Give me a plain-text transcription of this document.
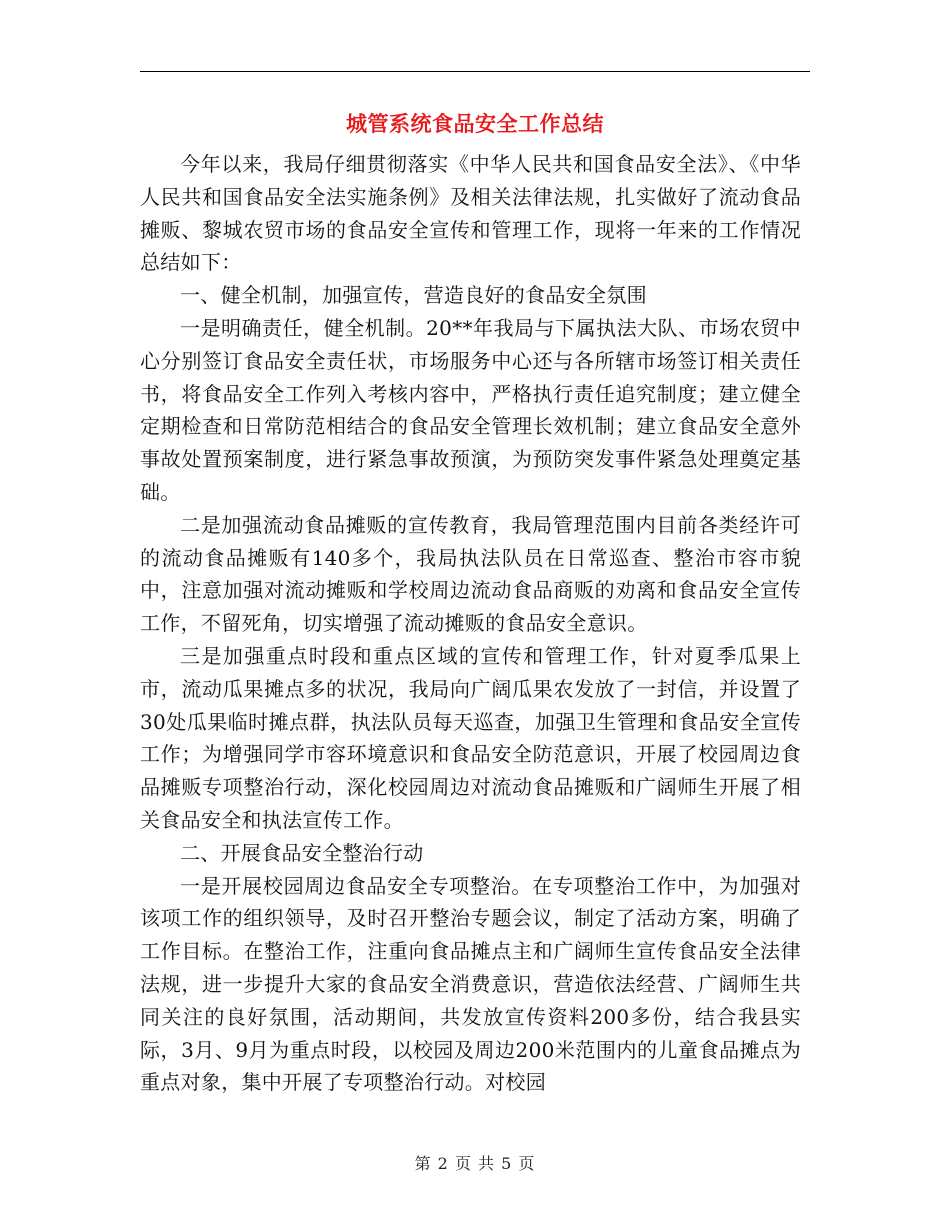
城管系统食品安全工作总结

今年以来，我局仔细贯彻落实《中华人民共和国食品安全法》、《中华人民共和国食品安全法实施条例》及相关法律法规，扎实做好了流动食品摊贩、黎城农贸市场的食品安全宣传和管理工作，现将一年来的工作情况总结如下：

一、健全机制，加强宣传，营造良好的食品安全氛围

一是明确责任，健全机制。20**年我局与下属执法大队、市场农贸中心分别签订食品安全责任状，市场服务中心还与各所辖市场签订相关责任书，将食品安全工作列入考核内容中，严格执行责任追究制度；建立健全定期检查和日常防范相结合的食品安全管理长效机制；建立食品安全意外事故处置预案制度，进行紧急事故预演，为预防突发事件紧急处理奠定基础。

二是加强流动食品摊贩的宣传教育，我局管理范围内目前各类经许可的流动食品摊贩有140多个，我局执法队员在日常巡查、整治市容市貌中，注意加强对流动摊贩和学校周边流动食品商贩的劝离和食品安全宣传工作，不留死角，切实增强了流动摊贩的食品安全意识。

三是加强重点时段和重点区域的宣传和管理工作，针对夏季瓜果上市，流动瓜果摊点多的状况，我局向广阔瓜果农发放了一封信，并设置了30处瓜果临时摊点群，执法队员每天巡查，加强卫生管理和食品安全宣传工作；为增强同学市容环境意识和食品安全防范意识，开展了校园周边食品摊贩专项整治行动，深化校园周边对流动食品摊贩和广阔师生开展了相关食品安全和执法宣传工作。

二、开展食品安全整治行动

一是开展校园周边食品安全专项整治。在专项整治工作中，为加强对该项工作的组织领导，及时召开整治专题会议，制定了活动方案，明确了工作目标。在整治工作，注重向食品摊点主和广阔师生宣传食品安全法律法规，进一步提升大家的食品安全消费意识，营造依法经营、广阔师生共同关注的良好氛围，活动期间，共发放宣传资料200多份，结合我县实际，3月、9月为重点时段，以校园及周边200米范围内的儿童食品摊点为重点对象，集中开展了专项整治行动。对校园

第 2 页 共 5 页
